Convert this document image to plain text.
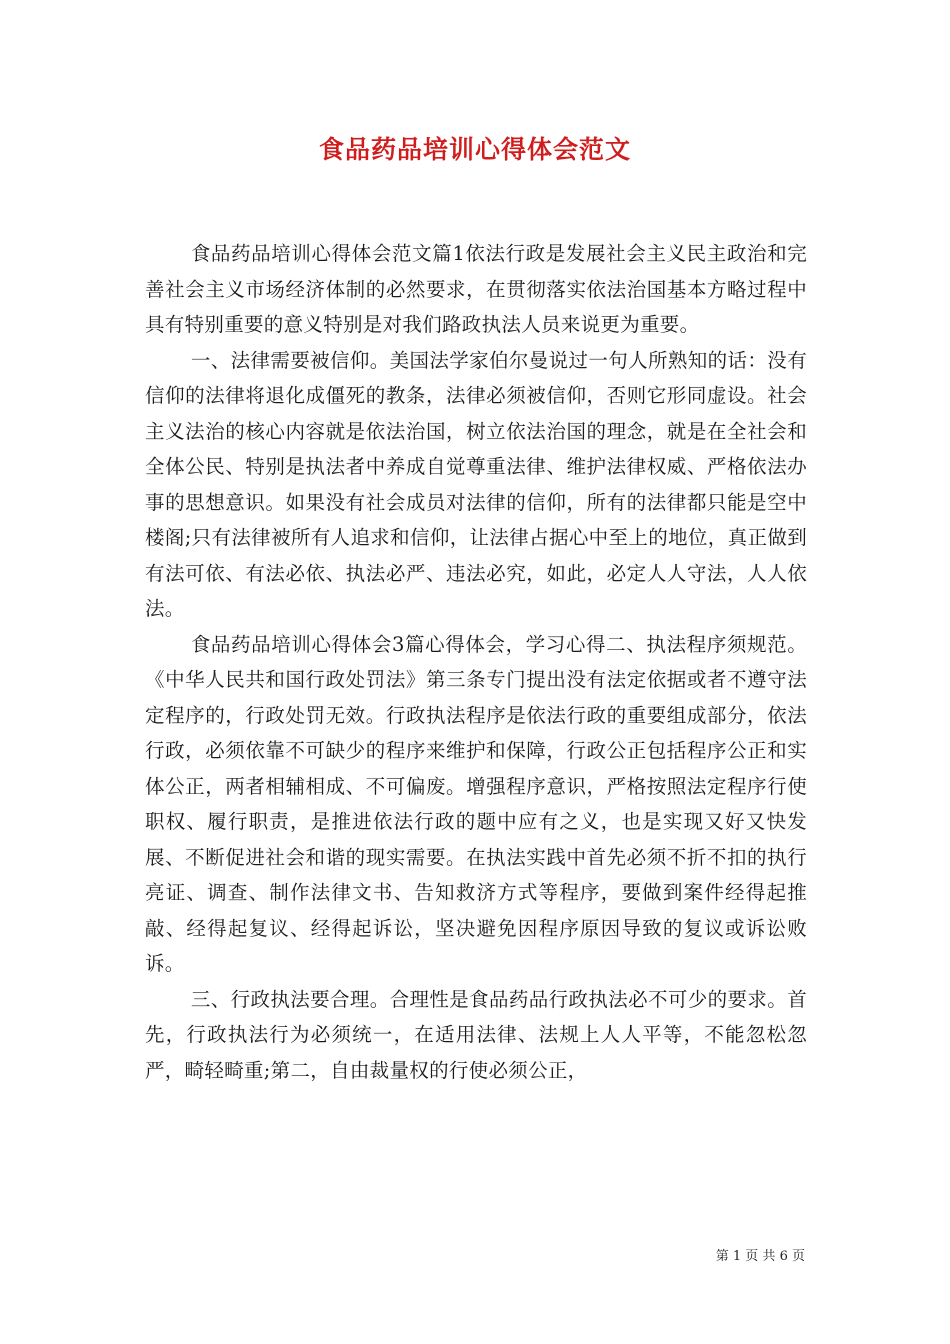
食品药品培训心得体会范文

食品药品培训心得体会范文篇1依法行政是发展社会主义民主政治和完善社会主义市场经济体制的必然要求，在贯彻落实依法治国基本方略过程中具有特别重要的意义特别是对我们路政执法人员来说更为重要。

一、法律需要被信仰。美国法学家伯尔曼说过一句人所熟知的话：没有信仰的法律将退化成僵死的教条，法律必须被信仰，否则它形同虚设。社会主义法治的核心内容就是依法治国，树立依法治国的理念，就是在全社会和全体公民、特别是执法者中养成自觉尊重法律、维护法律权威、严格依法办事的思想意识。如果没有社会成员对法律的信仰，所有的法律都只能是空中楼阁;只有法律被所有人追求和信仰，让法律占据心中至上的地位，真正做到有法可依、有法必依、执法必严、违法必究，如此，必定人人守法，人人依法。

食品药品培训心得体会3篇心得体会，学习心得二、执法程序须规范。《中华人民共和国行政处罚法》第三条专门提出没有法定依据或者不遵守法定程序的，行政处罚无效。行政执法程序是依法行政的重要组成部分，依法行政，必须依靠不可缺少的程序来维护和保障，行政公正包括程序公正和实体公正，两者相辅相成、不可偏废。增强程序意识，严格按照法定程序行使职权、履行职责，是推进依法行政的题中应有之义，也是实现又好又快发展、不断促进社会和谐的现实需要。在执法实践中首先必须不折不扣的执行亮证、调查、制作法律文书、告知救济方式等程序，要做到案件经得起推敲、经得起复议、经得起诉讼，坚决避免因程序原因导致的复议或诉讼败诉。

三、行政执法要合理。合理性是食品药品行政执法必不可少的要求。首先，行政执法行为必须统一，在适用法律、法规上人人平等，不能忽松忽严，畸轻畸重;第二，自由裁量权的行使必须公正，

第 1 页 共 6 页
